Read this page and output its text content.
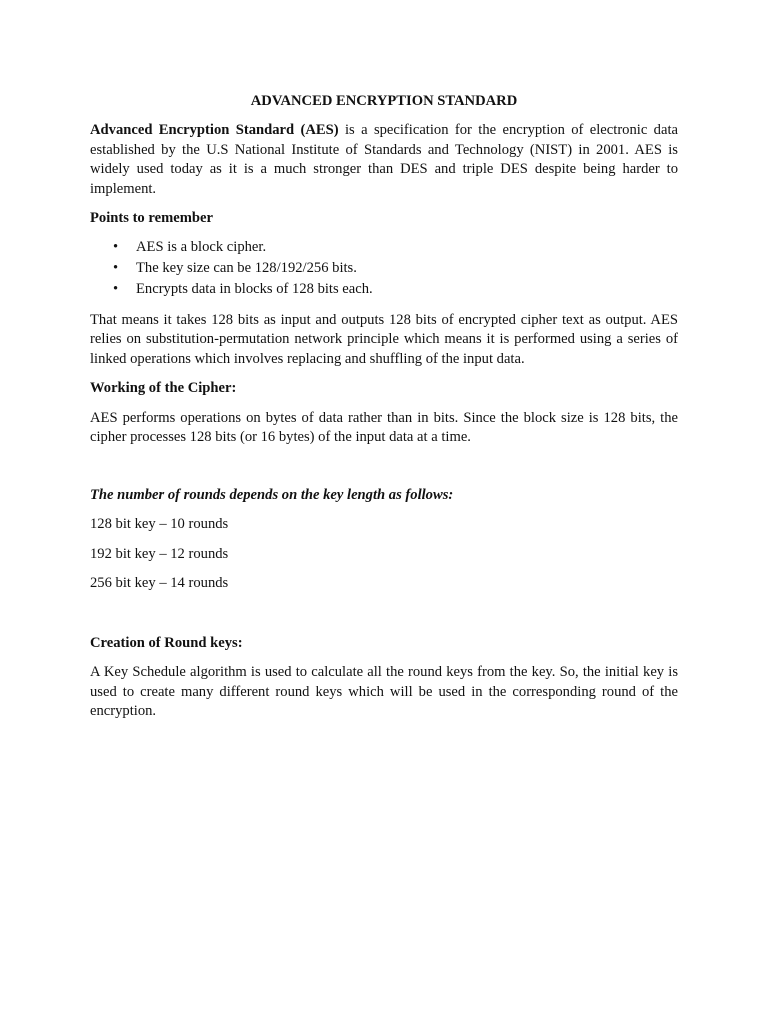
ADVANCED ENCRYPTION STANDARD

Advanced Encryption Standard (AES) is a specification for the encryption of electronic data established by the U.S National Institute of Standards and Technology (NIST) in 2001. AES is widely used today as it is a much stronger than DES and triple DES despite being harder to implement.

Points to remember

• AES is a block cipher.
• The key size can be 128/192/256 bits.
• Encrypts data in blocks of 128 bits each.

That means it takes 128 bits as input and outputs 128 bits of encrypted cipher text as output. AES relies on substitution-permutation network principle which means it is performed using a series of linked operations which involves replacing and shuffling of the input data.

Working of the Cipher:

AES performs operations on bytes of data rather than in bits. Since the block size is 128 bits, the cipher processes 128 bits (or 16 bytes) of the input data at a time.

The number of rounds depends on the key length as follows:

128 bit key – 10 rounds

192 bit key – 12 rounds

256 bit key – 14 rounds

Creation of Round keys:

A Key Schedule algorithm is used to calculate all the round keys from the key. So, the initial key is used to create many different round keys which will be used in the corresponding round of the encryption.
